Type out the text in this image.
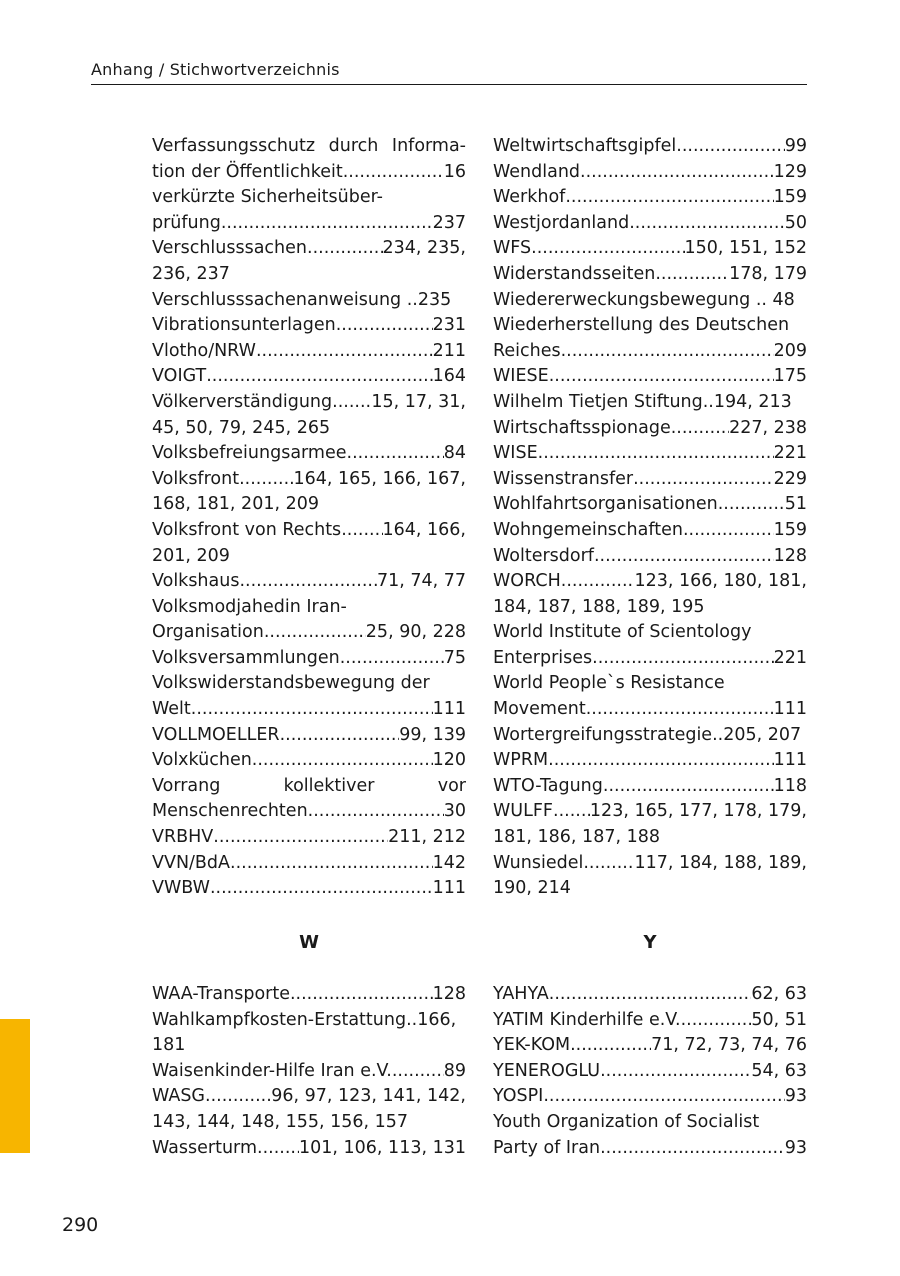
Anhang / Stichwortverzeichnis
Verfassungsschutz durch Informa-
tion der Öffentlichkeit .....	16
verkürzte Sicherheitsüber-
prüfung .....	237
Verschlusssachen .....	234, 235,
236, 237
Verschlusssachenanweisung ..235
Vibrationsunterlagen .....	231
Vlotho/NRW .....	211
VOIGT .....	164
Völkerverständigung ..... 15, 17, 31,
45, 50, 79, 245, 265
Volksbefreiungsarmee .....	84
Volksfront .....	164, 165, 166, 167,
168, 181, 201, 209
Volksfront von Rechts ..... 164, 166,
201, 209
Volkshaus .....	71, 74, 77
Volksmodjahedin Iran-
Organisation .....	25, 90, 228
Volksversammlungen .....	75
Volkswiderstandsbewegung der
Welt .....	111
VOLLMOELLER .....	99, 139
Volxküchen .....	120
Vorrang kollektiver vor
Menschenrechten .....	30
VRBHV .....	211, 212
VVN/BdA .....	142
VWBW .....	111
Weltwirtschaftsgipfel .....	99
Wendland .....	129
Werkhof .....	159
Westjordanland .....	50
WFS .....	150, 151, 152
Widerstandsseiten .....	178, 179
Wiedererweckungsbewegung .. 48
Wiederherstellung des Deutschen
Reiches .....	209
WIESE .....	175
Wilhelm Tietjen Stiftung..194, 213
Wirtschaftsspionage .....	227, 238
WISE .....	221
Wissenstransfer .....	229
Wohlfahrtsorganisationen .....	51
Wohngemeinschaften .....	159
Woltersdorf .....	128
WORCH .....	123, 166, 180, 181,
184, 187, 188, 189, 195
World Institute of Scientology
Enterprises .....	221
World People`s Resistance
Movement .....	111
Wortergreifungsstrategie..205, 207
WPRM .....	111
WTO-Tagung .....	118
WULFF ..... 123, 165, 177, 178, 179,
181, 186, 187, 188
Wunsiedel .....	117, 184, 188, 189,
190, 214
W	Y
WAA-Transporte .....	128
Wahlkampfkosten-Erstattung..166,
181
Waisenkinder-Hilfe Iran e.V. .....	89
WASG .....	96, 97, 123, 141, 142,
143, 144, 148, 155, 156, 157
Wasserturm ..... 101, 106, 113, 131
YAHYA .....	62, 63
YATIM Kinderhilfe e.V. .....	50, 51
YEK-KOM .....	71, 72, 73, 74, 76
YENEROGLU .....	54, 63
YOSPI .....	93
Youth Organization of Socialist
Party of Iran .....	93
290
